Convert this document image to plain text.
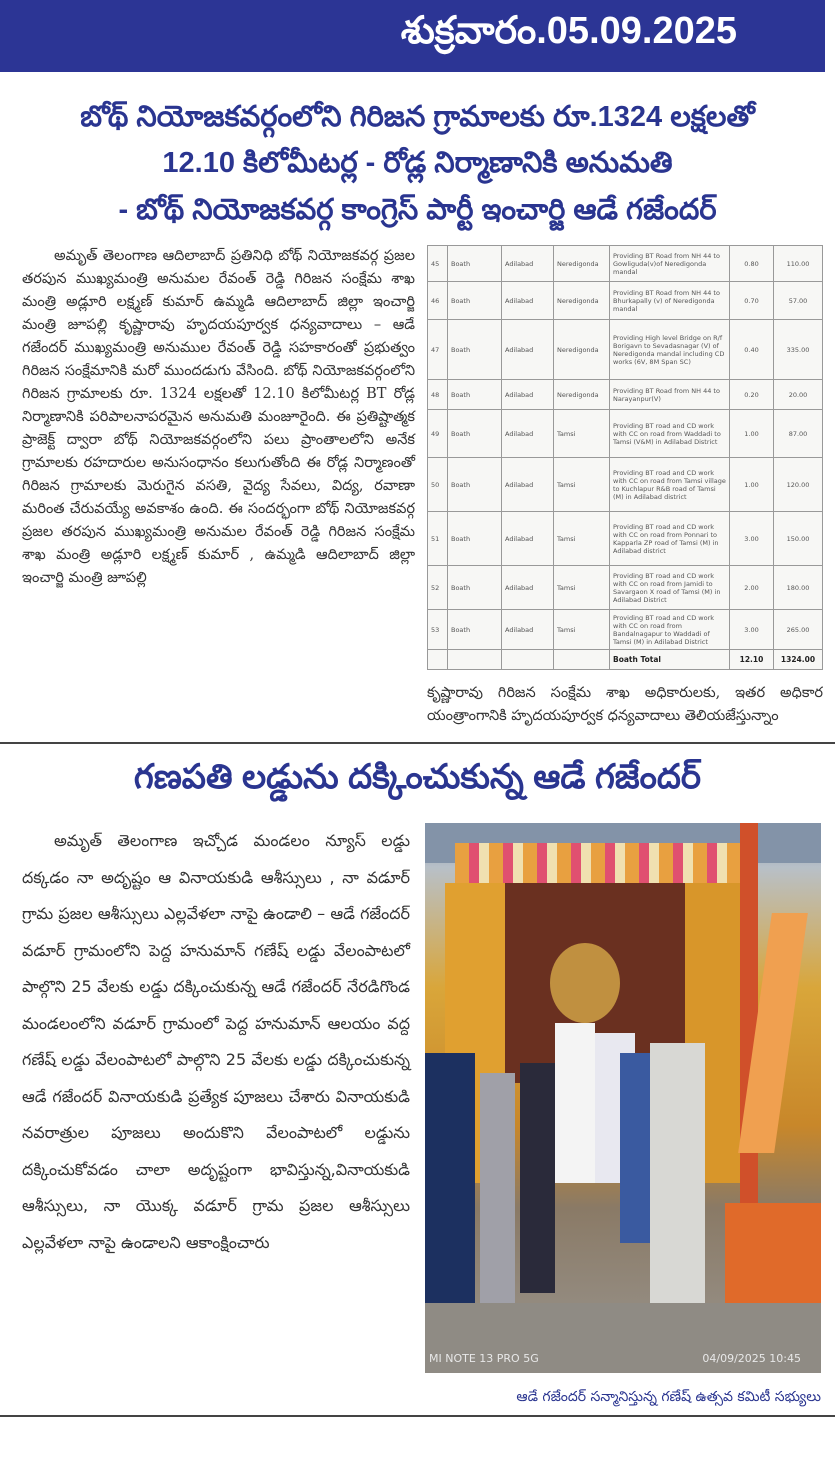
శుక్రవారం.05.09.2025
బోథ్ నియోజకవర్గంలోని గిరిజన గ్రామాలకు రూ.1324 లక్షలతో
12.10 కిలోమీటర్ల - రోడ్ల నిర్మాణానికి అనుమతి
- బోథ్ నియోజకవర్గ కాంగ్రెస్ పార్టీ ఇంచార్జి ఆడే గజేందర్

అమృత్ తెలంగాణ ఆదిలాబాద్ ప్రతినిధి బోథ్ నియోజకవర్గ ప్రజల తరపున ముఖ్యమంత్రి అనుమల రేవంత్ రెడ్డి గిరిజన సంక్షేమ శాఖ మంత్రి అడ్లూరి లక్ష్మణ్ కుమార్ ఉమ్మడి ఆదిలాబాద్ జిల్లా ఇంచార్జి మంత్రి జూపల్లి కృష్ణారావు హృదయపూర్వక ధన్యవాదాలు – ఆడే గజేందర్ ముఖ్యమంత్రి అనుముల రేవంత్ రెడ్డి సహకారంతో ప్రభుత్వం గిరిజన సంక్షేమానికి మరో ముందడుగు వేసింది. బోథ్ నియోజకవర్గంలోని గిరిజన గ్రామాలకు రూ. 1324 లక్షలతో 12.10 కిలోమీటర్ల BT రోడ్ల నిర్మాణానికి పరిపాలనాపరమైన అనుమతి మంజూరైంది. ఈ ప్రతిష్టాత్మక ప్రాజెక్ట్ ద్వారా బోథ్ నియోజకవర్గంలోని పలు ప్రాంతాలలోని అనేక గ్రామాలకు రహదారుల అనుసంధానం కలుగుతోంది ఈ రోడ్ల నిర్మాణంతో గిరిజన గ్రామాలకు మెరుగైన వసతి, వైద్య సేవలు, విద్య, రవాణా మరింత చేరువయ్యే అవకాశం ఉంది. ఈ సందర్భంగా బోథ్ నియోజకవర్గ ప్రజల తరపున ముఖ్యమంత్రి అనుమల రేవంత్ రెడ్డి గిరిజన సంక్షేమ శాఖ మంత్రి అడ్లూరి లక్ష్మణ్ కుమార్ , ఉమ్మడి ఆదిలాబాద్ జిల్లా ఇంచార్జి మంత్రి జూపల్లి

45	Boath	Adilabad	Neredigonda	Providing BT Road from NH 44 to Gowliguda(v)of Neredigonda mandal	0.80	110.00
46	Boath	Adilabad	Neredigonda	Providing BT Road from NH 44 to Bhurkapally (v) of Neredigonda mandal	0.70	57.00
47	Boath	Adilabad	Neredigonda	Providing High level Bridge on R/f Borigavn to Sevadasnagar (V) of Neredigonda mandal including CD works (6V, 8M Span SC)	0.40	335.00
48	Boath	Adilabad	Neredigonda	Providing BT Road from NH 44 to Narayanpur(V)	0.20	20.00
49	Boath	Adilabad	Tamsi	Providing BT road and CD work with CC on road from Waddadi to Tamsi (V&M) in Adilabad District	1.00	87.00
50	Boath	Adilabad	Tamsi	Providing BT road and CD work with CC on road from Tamsi village to Kuchlapur R&B road of Tamsi (M) in Adilabad district	1.00	120.00
51	Boath	Adilabad	Tamsi	Providing BT road and CD work with CC on road from Ponnari to Kapparla ZP road of Tamsi (M) in Adilabad district	3.00	150.00
52	Boath	Adilabad	Tamsi	Providing BT road and CD work with CC on road from Jamidi to Savargaon X road of Tamsi (M) in Adilabad District	2.00	180.00
53	Boath	Adilabad	Tamsi	Providing BT road and CD work with CC on road from Bandalnagapur to Waddadi of Tamsi (M) in Adilabad District	3.00	265.00
				Boath Total	12.10	1324.00
కృష్ణారావు గిరిజన సంక్షేమ శాఖ అధికారులకు, ఇతర అధికార యంత్రాంగానికి హృదయపూర్వక ధన్యవాదాలు తెలియజేస్తున్నాం
గణపతి లడ్డును దక్కించుకున్న ఆడే గజేందర్

అమృత్ తెలంగాణ ఇచ్చోడ మండలం న్యూస్ లడ్డు దక్కడం నా అదృష్టం ఆ వినాయకుడి ఆశీస్సులు , నా వడూర్ గ్రామ ప్రజల ఆశీస్సులు ఎల్లవేళలా నాపై ఉండాలి – ఆడే గజేందర్ వడూర్ గ్రామంలోని పెద్ద హనుమాన్ గణేష్ లడ్డు వేలంపాటలో పాల్గొని 25 వేలకు లడ్డు దక్కించుకున్న ఆడే గజేందర్ నేరడిగొండ మండలంలోని వడూర్ గ్రామంలో పెద్ద హనుమాన్ ఆలయం వద్ద గణేష్ లడ్డు వేలంపాటలో పాల్గొని 25 వేలకు లడ్డు దక్కించుకున్న ఆడే గజేందర్ వినాయకుడి ప్రత్యేక పూజలు చేశారు వినాయకుడి నవరాత్రుల పూజలు అందుకొని వేలంపాటలో లడ్డును దక్కించుకోవడం చాలా అదృష్టంగా భావిస్తున్న,వినాయకుడి ఆశీస్సులు, నా యొక్క వడూర్ గ్రామ ప్రజల ఆశీస్సులు ఎల్లవేళలా నాపై ఉండాలని ఆకాంక్షించారు

MI NOTE 13 PRO 5G	04/09/2025 10:45
ఆడే గజేందర్ సన్మానిస్తున్న గణేష్ ఉత్సవ కమిటీ సభ్యులు
